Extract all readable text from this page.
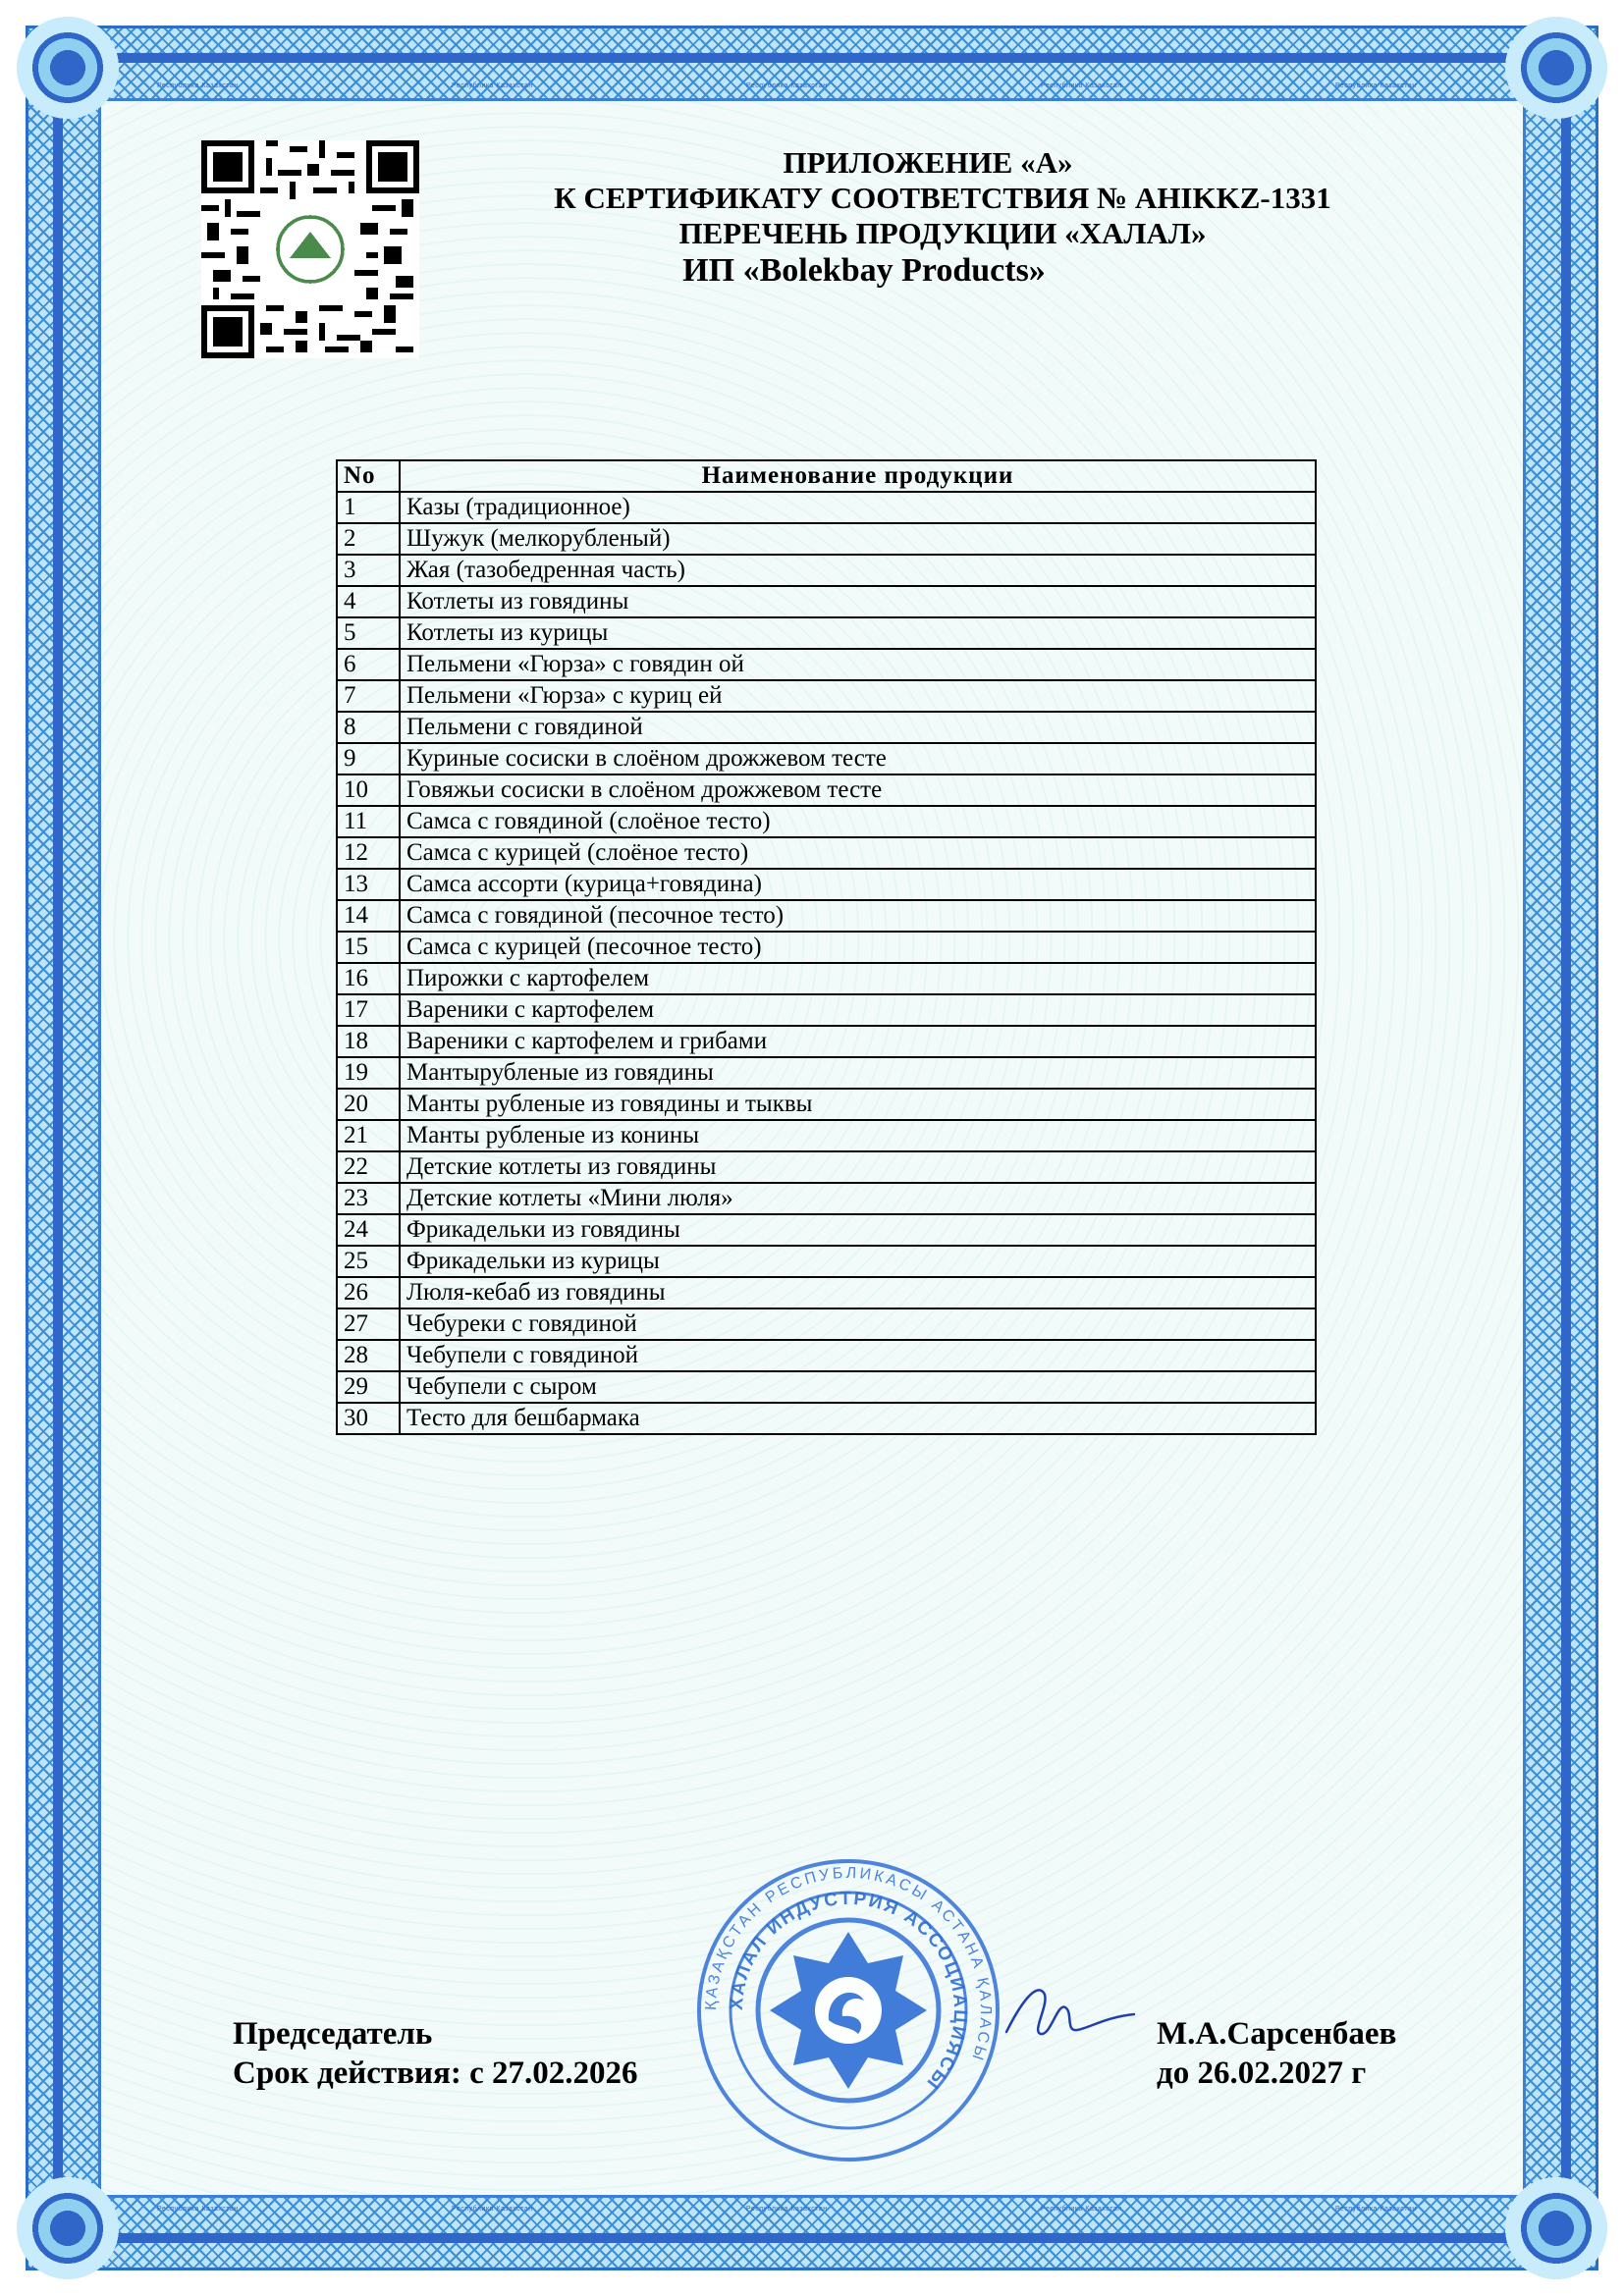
Республика Казахстан	Республика Казахстан	Республика Казахстан	Республика Казахстан	Республика Казахстан
Республика Казахстан	Республика Казахстан	Республика Казахстан	Республика Казахстан	Республика Казахстан
ПРИЛОЖЕНИЕ «А»
К СЕРТИФИКАТУ СООТВЕТСТВИЯ № AHIKKZ-1331
ПЕРЕЧЕНЬ ПРОДУКЦИИ «ХАЛАЛ»
ИП «Bolekbay Products»
No	Наименование продукции
1	Казы (традиционное)
2	Шужук (мелкорубленый)
3	Жая (тазобедренная часть)
4	Котлеты из говядины
5	Котлеты из курицы
6	Пельмени «Гюрза» с говядин ой
7	Пельмени «Гюрза» с куриц ей
8	Пельмени с говядиной
9	Куриные сосиски в слоёном дрожжевом тесте
10	Говяжьи сосиски в слоёном дрожжевом тесте
11	Самса с говядиной (слоёное тесто)
12	Самса с курицей (слоёное тесто)
13	Самса ассорти (курица+говядина)
14	Самса с говядиной (песочное тесто)
15	Самса с курицей (песочное тесто)
16	Пирожки с картофелем
17	Вареники с картофелем
18	Вареники с картофелем и грибами
19	Мантырубленые из говядины
20	Манты рубленые из говядины и тыквы
21	Манты рубленые из конины
22	Детские котлеты из говядины
23	Детские котлеты «Мини люля»
24	Фрикадельки из говядины
25	Фрикадельки из курицы
26	Люля-кебаб из говядины
27	Чебуреки с говядиной
28	Чебупели с говядиной
29	Чебупели с сыром
30	Тесто для бешбармака
ҚАЗАҚСТАН РЕСПУБЛИКАСЫ АСТАНА ҚАЛАСЫ
ХАЛАЛ ИНДУСТРИЯ АССОЦИАЦИЯСЫ
Председатель
Срок действия: с 27.02.2026
М.А.Сарсенбаев
до 26.02.2027 г
